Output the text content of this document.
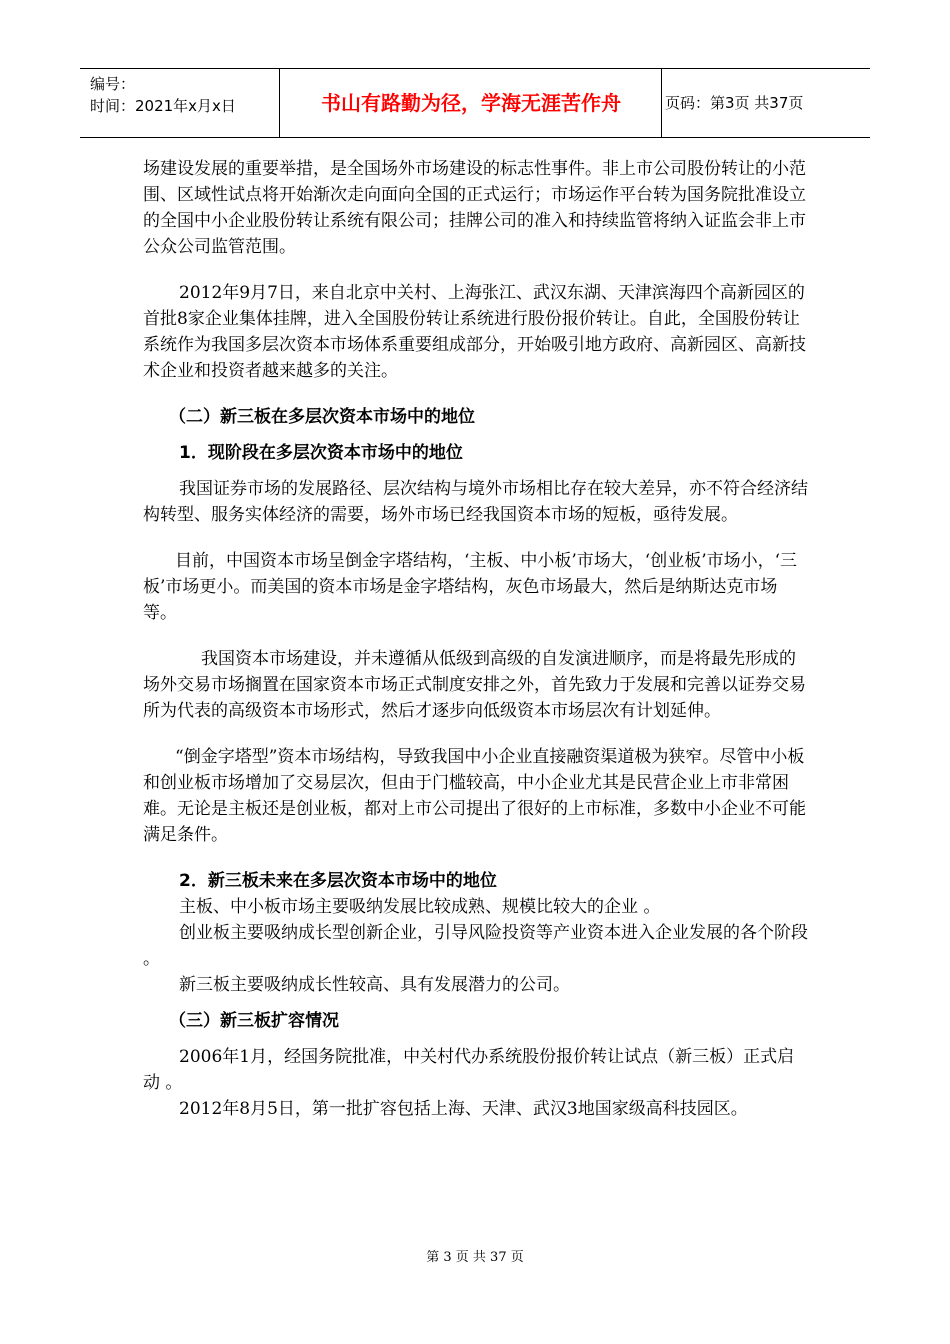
编号：
时间：2021年x月x日	书山有路勤为径，学海无涯苦作舟	页码：第3页 共37页

场建设发展的重要举措，是全国场外市场建设的标志性事件。非上市公司股份转让的小范围、区域性试点将开始渐次走向面向全国的正式运行；市场运作平台转为国务院批准设立的全国中小企业股份转让系统有限公司；挂牌公司的准入和持续监管将纳入证监会非上市公众公司监管范围。

2012年9月7日，来自北京中关村、上海张江、武汉东湖、天津滨海四个高新园区的首批8家企业集体挂牌，进入全国股份转让系统进行股份报价转让。自此，全国股份转让系统作为我国多层次资本市场体系重要组成部分，开始吸引地方政府、高新园区、高新技术企业和投资者越来越多的关注。

（二）新三板在多层次资本市场中的地位

1．现阶段在多层次资本市场中的地位

我国证券市场的发展路径、层次结构与境外市场相比存在较大差异，亦不符合经济结构转型、服务实体经济的需要，场外市场已经我国资本市场的短板，亟待发展。

目前，中国资本市场呈倒金字塔结构，‘主板、中小板’市场大，‘创业板’市场小，‘三板’市场更小。而美国的资本市场是金字塔结构，灰色市场最大，然后是纳斯达克市场等。

我国资本市场建设，并未遵循从低级到高级的自发演进顺序，而是将最先形成的场外交易市场搁置在国家资本市场正式制度安排之外，首先致力于发展和完善以证券交易所为代表的高级资本市场形式，然后才逐步向低级资本市场层次有计划延伸。

“倒金字塔型”资本市场结构，导致我国中小企业直接融资渠道极为狭窄。尽管中小板和创业板市场增加了交易层次，但由于门槛较高，中小企业尤其是民营企业上市非常困难。无论是主板还是创业板，都对上市公司提出了很好的上市标准，多数中小企业不可能满足条件。

2．新三板未来在多层次资本市场中的地位

主板、中小板市场主要吸纳发展比较成熟、规模比较大的企业 。

创业板主要吸纳成长型创新企业，引导风险投资等产业资本进入企业发展的各个阶段 。

新三板主要吸纳成长性较高、具有发展潜力的公司。

（三）新三板扩容情况

2006年1月，经国务院批准，中关村代办系统股份报价转让试点（新三板）正式启动 。

2012年8月5日，第一批扩容包括上海、天津、武汉3地国家级高科技园区。

第 3 页 共 37 页
